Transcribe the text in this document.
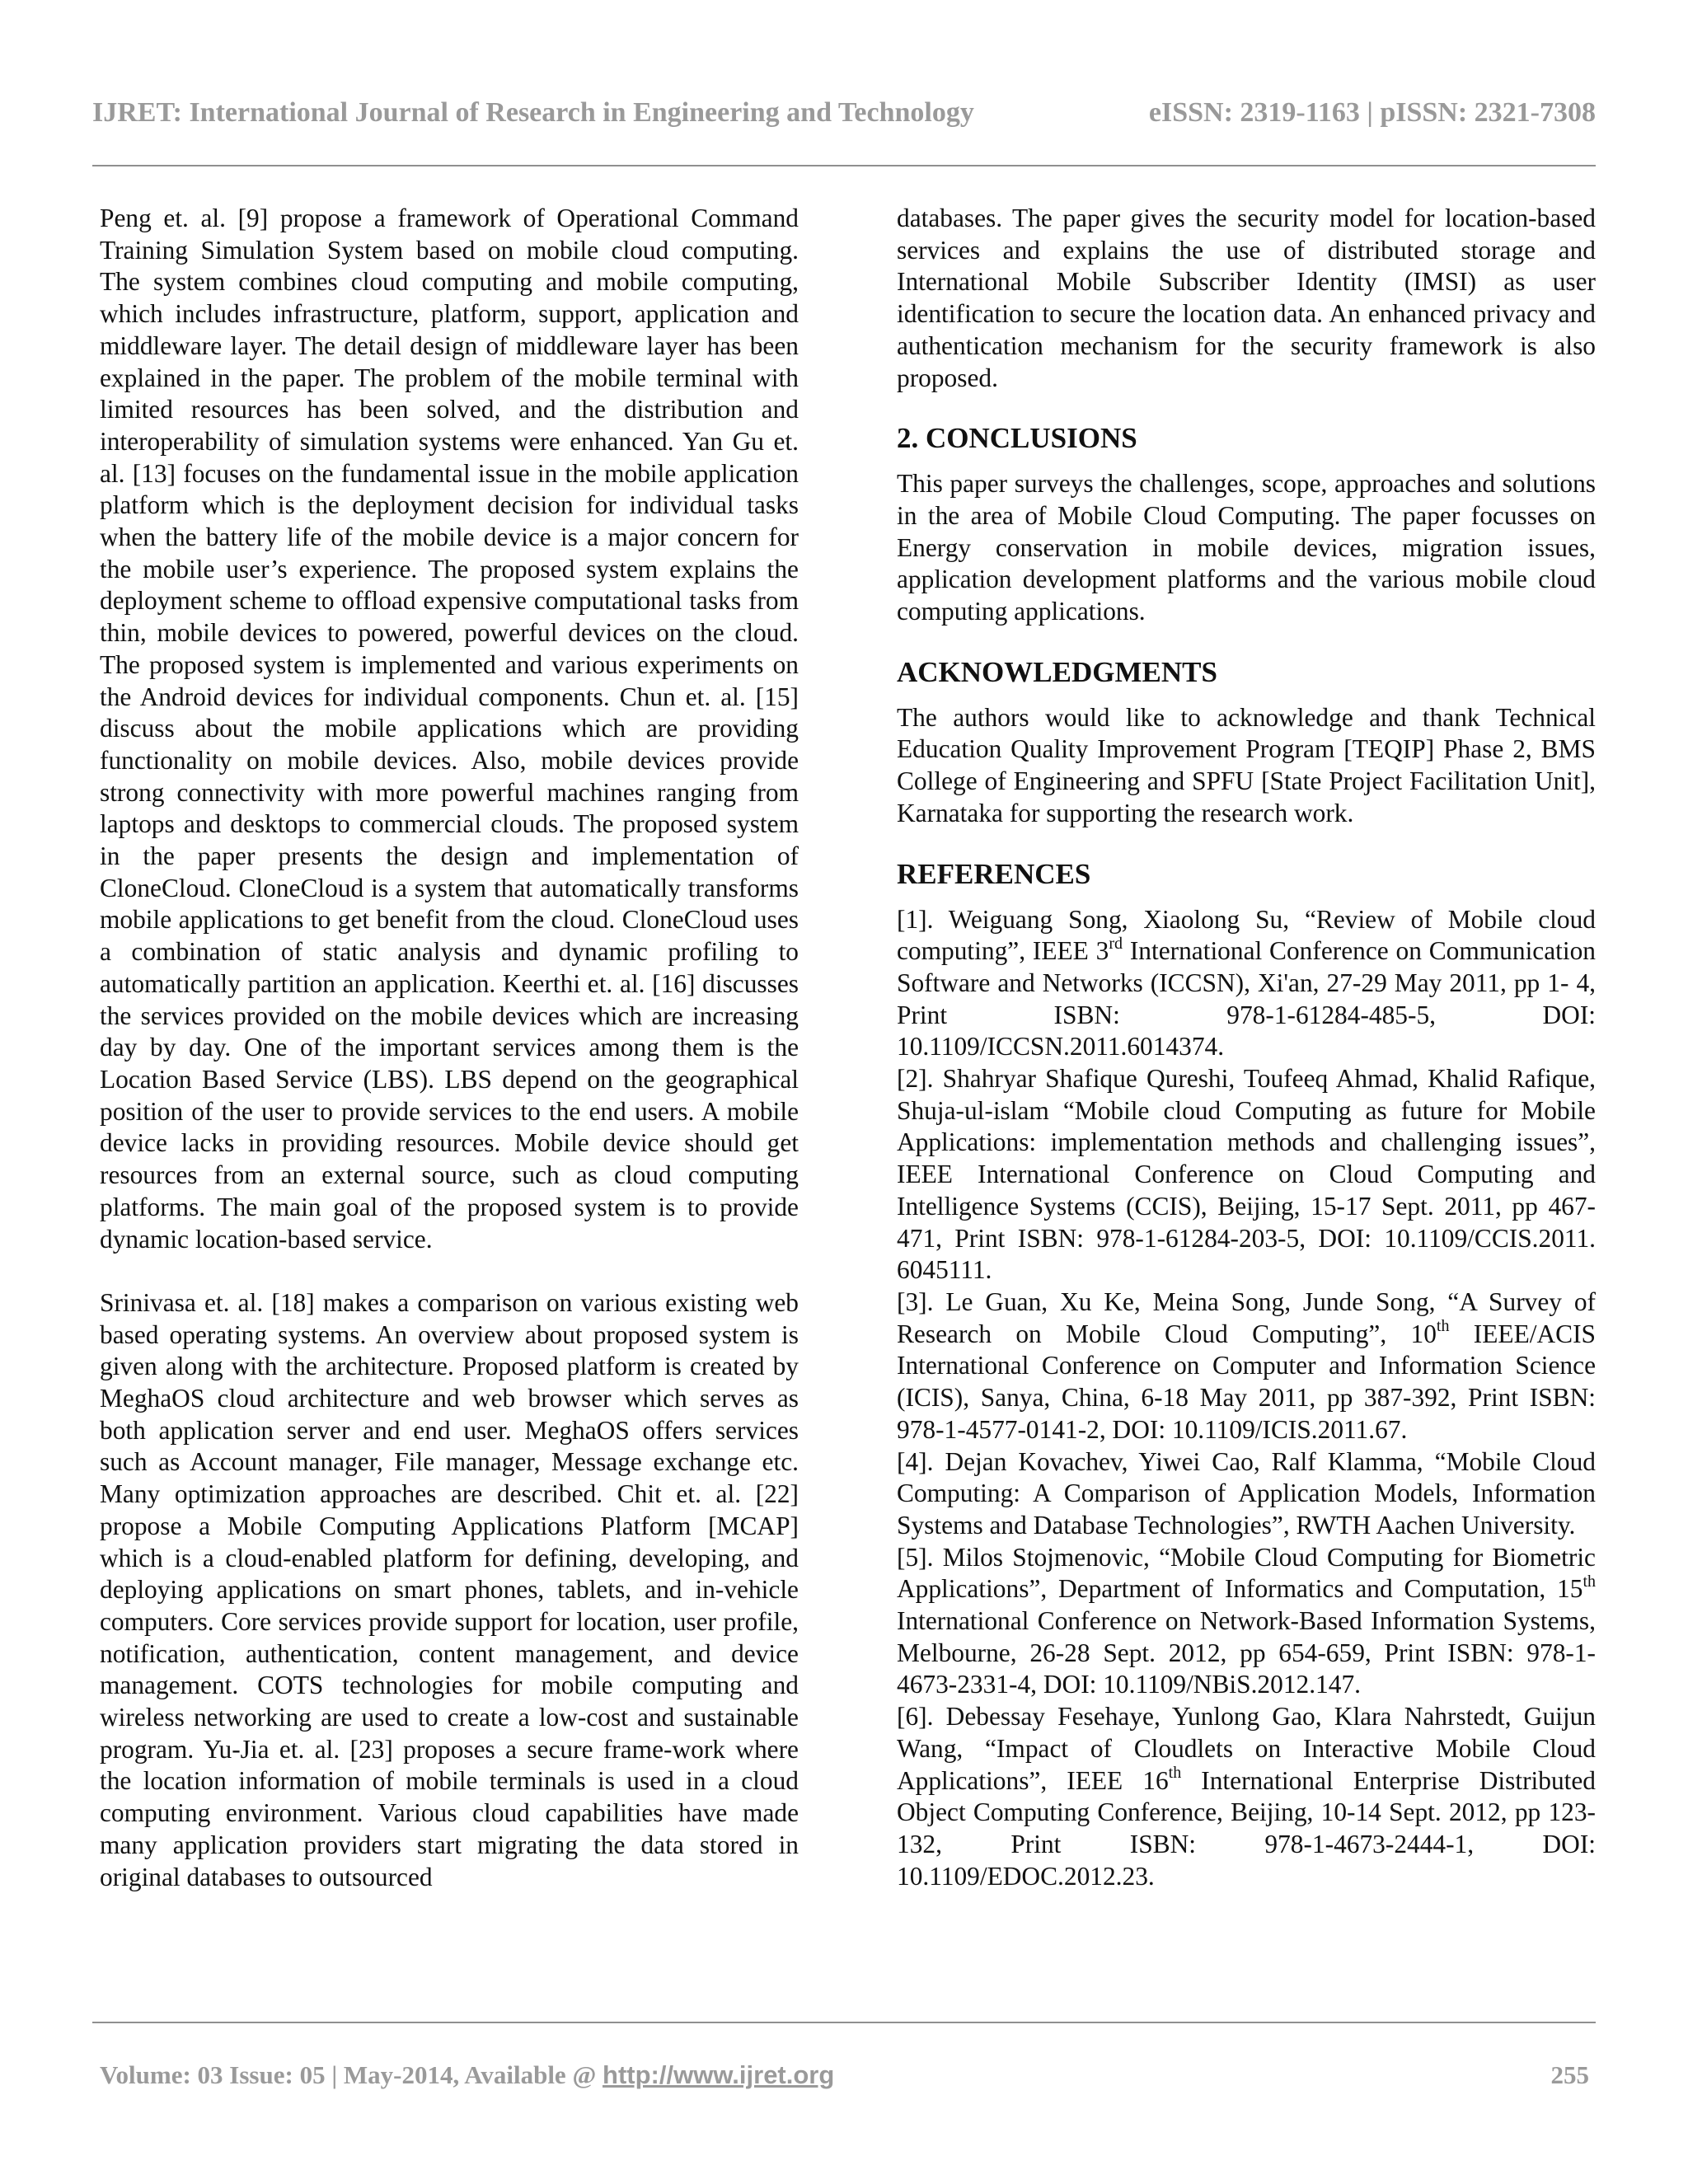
IJRET: International Journal of Research in Engineering and Technology	eISSN: 2319-1163 | pISSN: 2321-7308

Peng et. al. [9] propose a framework of Operational Command Training Simulation System based on mobile cloud computing. The system combines cloud computing and mobile computing, which includes infrastructure, platform, support, application and middleware layer. The detail design of middleware layer has been explained in the paper. The problem of the mobile terminal with limited resources has been solved, and the distribution and interoperability of simulation systems were enhanced. Yan Gu et. al. [13] focuses on the fundamental issue in the mobile application platform which is the deployment decision for individual tasks when the battery life of the mobile device is a major concern for the mobile user’s experience. The proposed system explains the deployment scheme to offload expensive computational tasks from thin, mobile devices to powered, powerful devices on the cloud. The proposed system is implemented and various experiments on the Android devices for individual components. Chun et. al. [15] discuss about the mobile applications which are providing functionality on mobile devices. Also, mobile devices provide strong connectivity with more powerful machines ranging from laptops and desktops to commercial clouds. The proposed system in the paper presents the design and implementation of CloneCloud. CloneCloud is a system that automatically transforms mobile applications to get benefit from the cloud. CloneCloud uses a combination of static analysis and dynamic profiling to automatically partition an application. Keerthi et. al. [16] discusses the services provided on the mobile devices which are increasing day by day. One of the important services among them is the Location Based Service (LBS). LBS depend on the geographical position of the user to provide services to the end users. A mobile device lacks in providing resources. Mobile device should get resources from an external source, such as cloud computing platforms. The main goal of the proposed system is to provide dynamic location-based service.

Srinivasa et. al. [18] makes a comparison on various existing web based operating systems. An overview about proposed system is given along with the architecture. Proposed platform is created by MeghaOS cloud architecture and web browser which serves as both application server and end user. MeghaOS offers services such as Account manager, File manager, Message exchange etc. Many optimization approaches are described. Chit et. al. [22] propose a Mobile Computing Applications Platform [MCAP] which is a cloud-enabled platform for defining, developing, and deploying applications on smart phones, tablets, and in-vehicle computers. Core services provide support for location, user profile, notification, authentication, content management, and device management. COTS technologies for mobile computing and wireless networking are used to create a low-cost and sustainable program. Yu-Jia et. al. [23] proposes a secure frame-work where the location information of mobile terminals is used in a cloud computing environment. Various cloud capabilities have made many application providers start migrating the data stored in original databases to outsourced

databases. The paper gives the security model for location-based services and explains the use of distributed storage and International Mobile Subscriber Identity (IMSI) as user identification to secure the location data. An enhanced privacy and authentication mechanism for the security framework is also proposed.

2. CONCLUSIONS

This paper surveys the challenges, scope, approaches and solutions in the area of Mobile Cloud Computing. The paper focusses on Energy conservation in mobile devices, migration issues, application development platforms and the various mobile cloud computing applications.

ACKNOWLEDGMENTS

The authors would like to acknowledge and thank Technical Education Quality Improvement Program [TEQIP] Phase 2, BMS College of Engineering and SPFU [State Project Facilitation Unit], Karnataka for supporting the research work.

REFERENCES

[1]. Weiguang Song, Xiaolong Su, “Review of Mobile cloud computing”, IEEE 3rd International Conference on Communication Software and Networks (ICCSN), Xi'an, 27-29 May 2011, pp 1- 4, Print ISBN: 978-1-61284-485-5, DOI: 10.1109/ICCSN.2011.6014374.

[2]. Shahryar Shafique Qureshi, Toufeeq Ahmad, Khalid Rafique, Shuja-ul-islam “Mobile cloud Computing as future for Mobile Applications: implementation methods and challenging issues”, IEEE International Conference on Cloud Computing and Intelligence Systems (CCIS), Beijing, 15-17 Sept. 2011, pp 467-471, Print ISBN: 978-1-61284-203-5, DOI: 10.1109/CCIS.2011. 6045111.

[3]. Le Guan, Xu Ke, Meina Song, Junde Song, “A Survey of Research on Mobile Cloud Computing”, 10th IEEE/ACIS International Conference on Computer and Information Science (ICIS), Sanya, China, 6-18 May 2011, pp 387-392, Print ISBN: 978-1-4577-0141-2, DOI: 10.1109/ICIS.2011.67.

[4]. Dejan Kovachev, Yiwei Cao, Ralf Klamma, “Mobile Cloud Computing: A Comparison of Application Models, Information Systems and Database Technologies”, RWTH Aachen University.

[5]. Milos Stojmenovic, “Mobile Cloud Computing for Biometric Applications”, Department of Informatics and Computation, 15th International Conference on Network-Based Information Systems, Melbourne, 26-28 Sept. 2012, pp 654-659, Print ISBN: 978-1-4673-2331-4, DOI: 10.1109/NBiS.2012.147.

[6]. Debessay Fesehaye, Yunlong Gao, Klara Nahrstedt, Guijun Wang, “Impact of Cloudlets on Interactive Mobile Cloud Applications”, IEEE 16th International Enterprise Distributed Object Computing Conference, Beijing, 10-14 Sept. 2012, pp 123-132, Print ISBN: 978-1-4673-2444-1, DOI: 10.1109/EDOC.2012.23.

Volume: 03 Issue: 05 | May-2014, Available @ http://www.ijret.org	255
